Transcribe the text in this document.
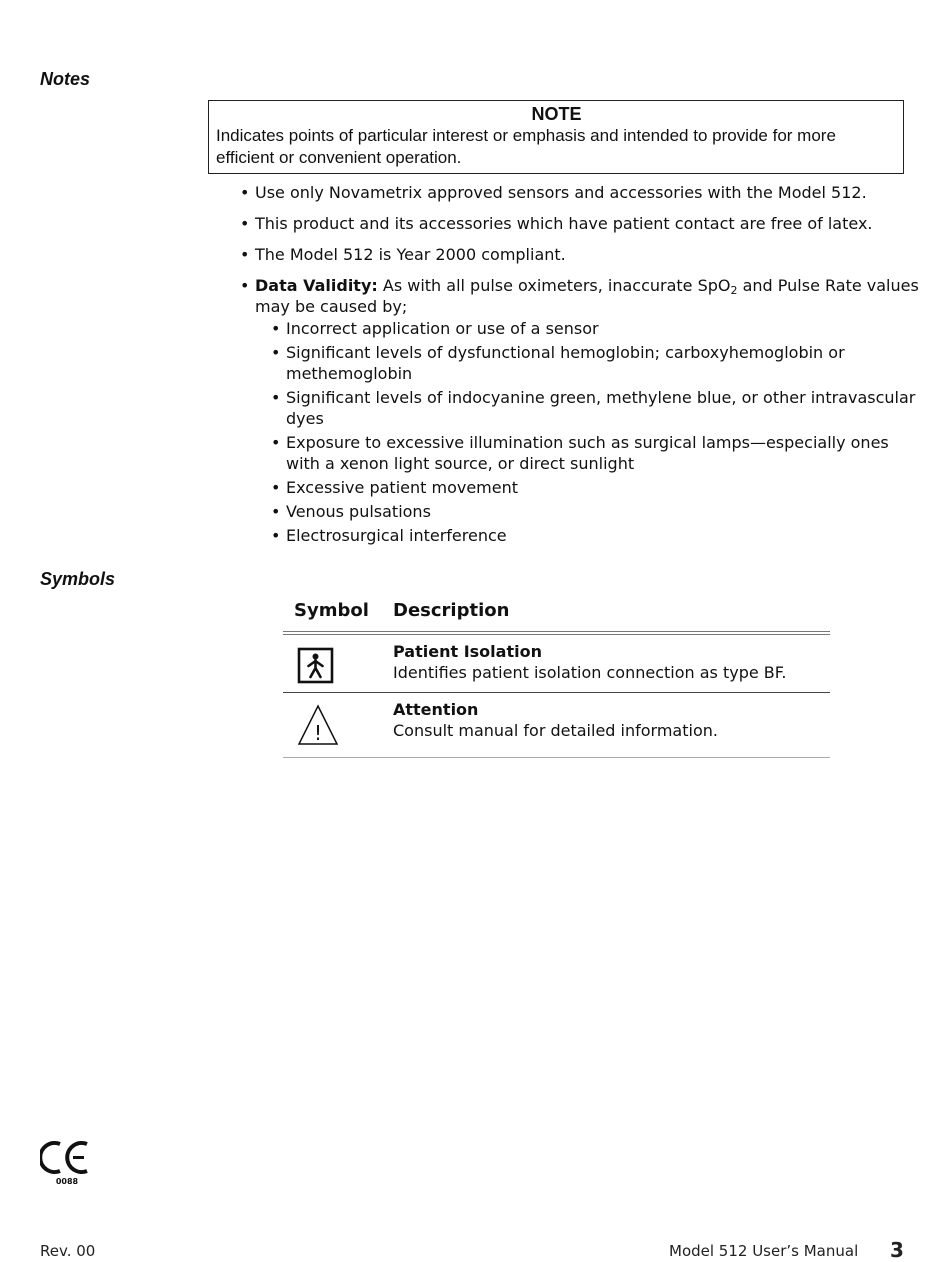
Notes
NOTE
Indicates points of particular interest or emphasis and intended to provide for more efficient or convenient operation.
• Use only Novametrix approved sensors and accessories with the Model 512.
• This product and its accessories which have patient contact are free of latex.
• The Model 512 is Year 2000 compliant.
• Data Validity: As with all pulse oximeters, inaccurate SpO$_2$ and Pulse Rate values may be caused by;
• Incorrect application or use of a sensor
• Significant levels of dysfunctional hemoglobin; carboxyhemoglobin or methemoglobin
• Significant levels of indocyanine green, methylene blue, or other intravascular dyes
• Exposure to excessive illumination such as surgical lamps—especially ones with a xenon light source, or direct sunlight
• Excessive patient movement
• Venous pulsations
• Electrosurgical interference
Symbols
Symbol Description
Patient Isolation
Identifies patient isolation connection as type BF.
!
Attention
Consult manual for detailed information.
0088
Rev. 00	Model 512 User’s Manual 3
